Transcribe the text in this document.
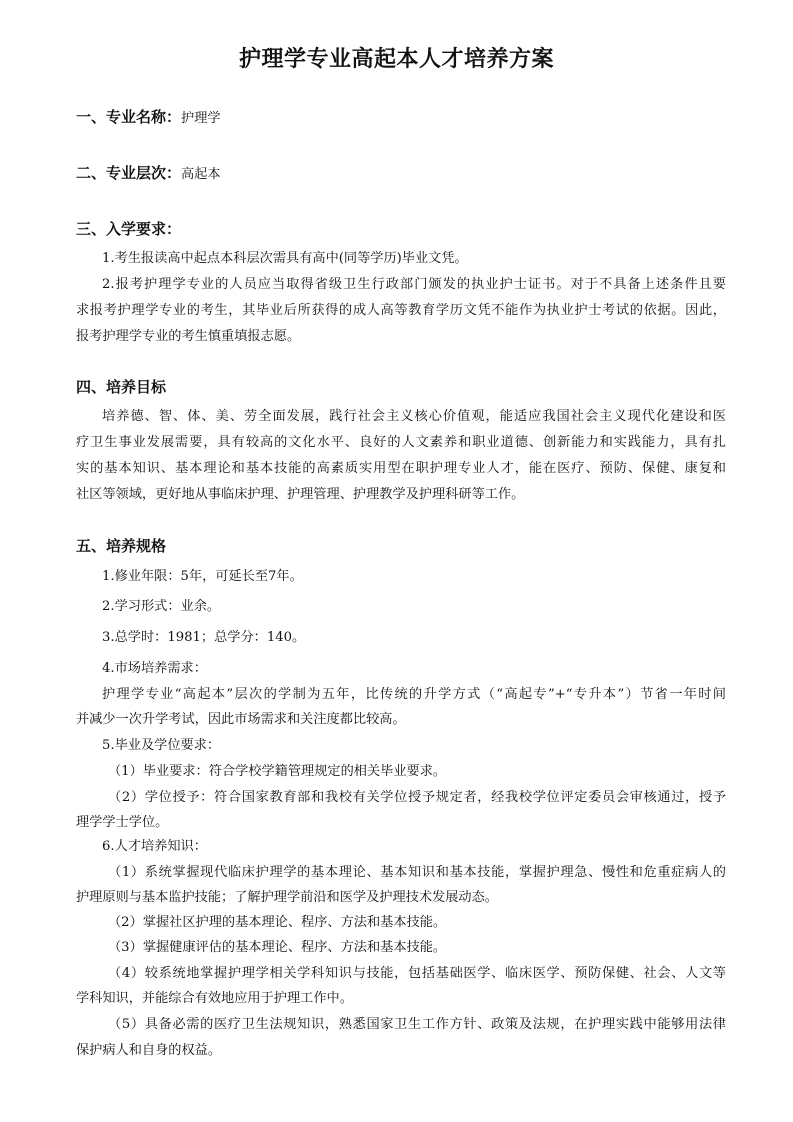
护理学专业高起本人才培养方案
一、专业名称：护理学
二、专业层次：高起本
三、入学要求：
1.考生报读高中起点本科层次需具有高中(同等学历)毕业文凭。
2.报考护理学专业的人员应当取得省级卫生行政部门颁发的执业护士证书。对于不具备上述条件且要
求报考护理学专业的考生，其毕业后所获得的成人高等教育学历文凭不能作为执业护士考试的依据。因此，
报考护理学专业的考生慎重填报志愿。
四、培养目标
培养德、智、体、美、劳全面发展，践行社会主义核心价值观，能适应我国社会主义现代化建设和医
疗卫生事业发展需要，具有较高的文化水平、良好的人文素养和职业道德、创新能力和实践能力，具有扎
实的基本知识、基本理论和基本技能的高素质实用型在职护理专业人才，能在医疗、预防、保健、康复和
社区等领域，更好地从事临床护理、护理管理、护理教学及护理科研等工作。
五、培养规格
1.修业年限：5年，可延长至7年。
2.学习形式：业余。
3.总学时：1981；总学分：140。
4.市场培养需求：
护理学专业“高起本”层次的学制为五年，比传统的升学方式（“高起专”+“专升本”）节省一年时间
并减少一次升学考试，因此市场需求和关注度都比较高。
5.毕业及学位要求：
（1）毕业要求：符合学校学籍管理规定的相关毕业要求。
（2）学位授予：符合国家教育部和我校有关学位授予规定者，经我校学位评定委员会审核通过，授予
理学学士学位。
6.人才培养知识：
（1）系统掌握现代临床护理学的基本理论、基本知识和基本技能，掌握护理急、慢性和危重症病人的
护理原则与基本监护技能；了解护理学前沿和医学及护理技术发展动态。
（2）掌握社区护理的基本理论、程序、方法和基本技能。
（3）掌握健康评估的基本理论、程序、方法和基本技能。
（4）较系统地掌握护理学相关学科知识与技能，包括基础医学、临床医学、预防保健、社会、人文等
学科知识，并能综合有效地应用于护理工作中。
（5）具备必需的医疗卫生法规知识，熟悉国家卫生工作方针、政策及法规，在护理实践中能够用法律
保护病人和自身的权益。
